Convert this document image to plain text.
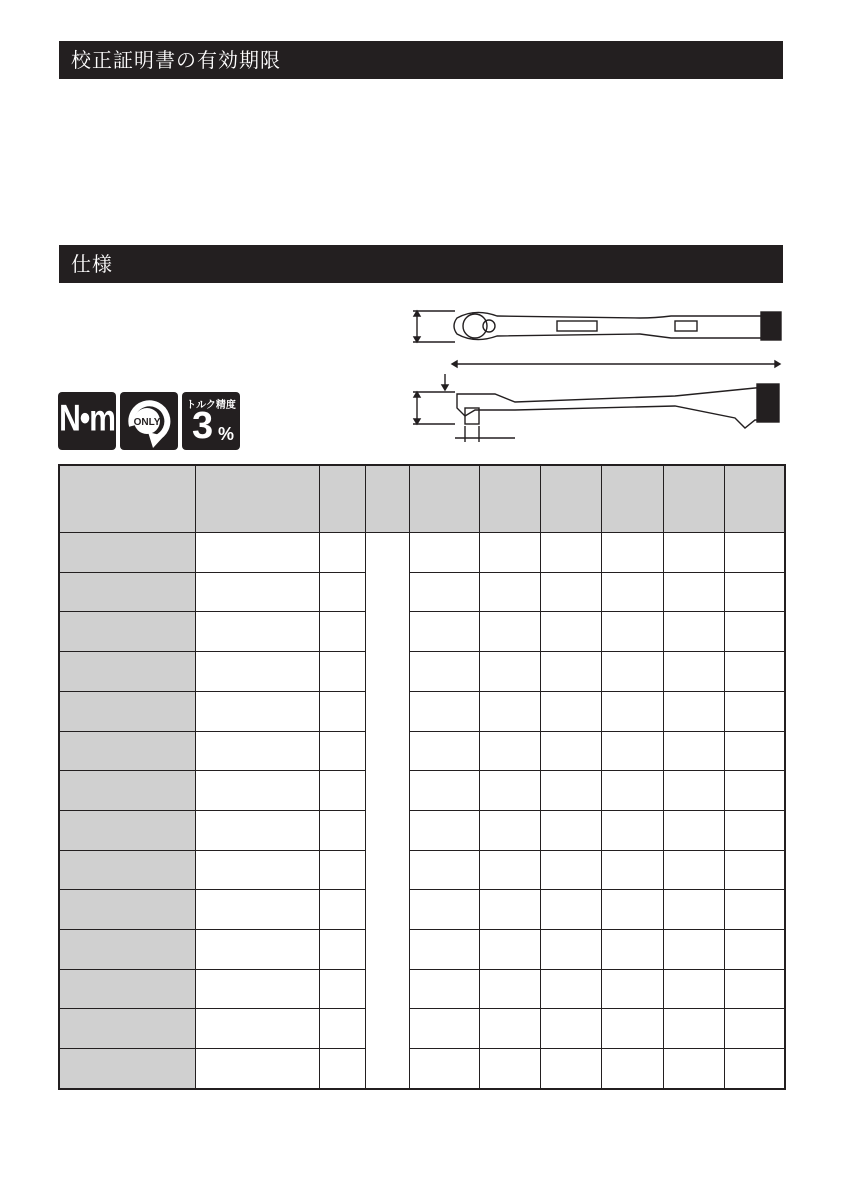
校正証明書の有効期限
仕様
N•m ONLY
トルク精度
3 %
